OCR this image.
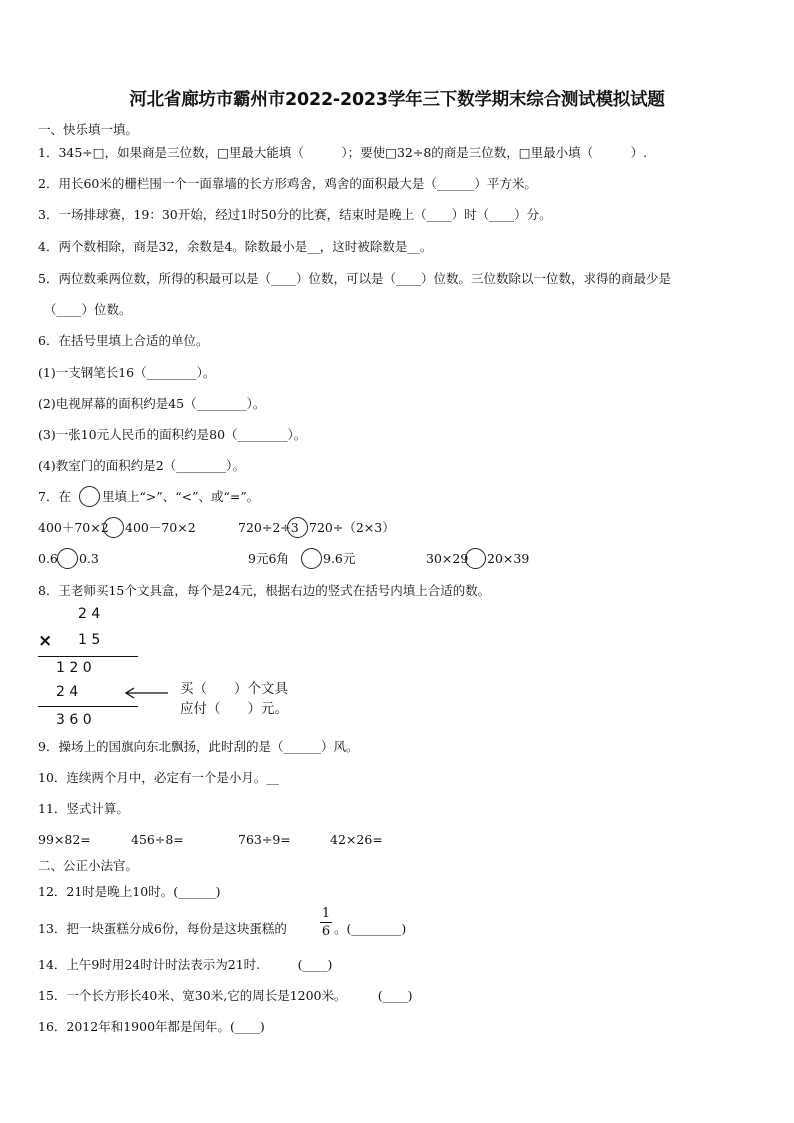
河北省廊坊市霸州市2022-2023学年三下数学期末综合测试模拟试题
一、快乐填一填。
1．345÷□，如果商是三位数，□里最大能填（　　　）；要使□32÷8的商是三位数，□里最小填（　　　）.
2．用长60米的栅栏围一个一面靠墙的长方形鸡舍，鸡舍的面积最大是（______）平方米。
3．一场排球赛，19：30开始，经过1时50分的比赛，结束时是晚上（____）时（____）分。
4．两个数相除，商是32，余数是4。除数最小是__，这时被除数是__。
5．两位数乘两位数，所得的积最可以是（____）位数，可以是（____）位数。三位数除以一位数，求得的商最少是
（____）位数。
6．在括号里填上合适的单位。
(1)一支钢笔长16（________）。
(2)电视屏幕的面积约是45（________）。
(3)一张10元人民币的面积约是80（________）。
(4)教室门的面积约是2（________）。
7．在 里填上“>”、“<”、或“=”。
400＋70×2 400－70×2	720÷2÷3 720÷（2×3）
0.6 0.3	9元6角	9.6元	30×29 20×39
8．王老师买15个文具盒，每个是24元，根据右边的竖式在括号内填上合适的数。
2 4
× 1 5
1 2 0
2 4	买（　　）个文具
应付（　　）元。
3 6 0
9．操场上的国旗向东北飘扬，此时刮的是（______）风。
10．连续两个月中，必定有一个是小月。__
11．竖式计算。
99×82=	456÷8=	763÷9=	42×26=
二、公正小法官。
12．21时是晚上10时。(______)
13．把一块蛋糕分成6份，每份是这块蛋糕的
1
6 。(________)
14．上午9时用24时计时法表示为21时.　　　(____)
15．一个长方形长40米、宽30米,它的周长是1200米。　　　(____)
16．2012年和1900年都是闰年。(____)
